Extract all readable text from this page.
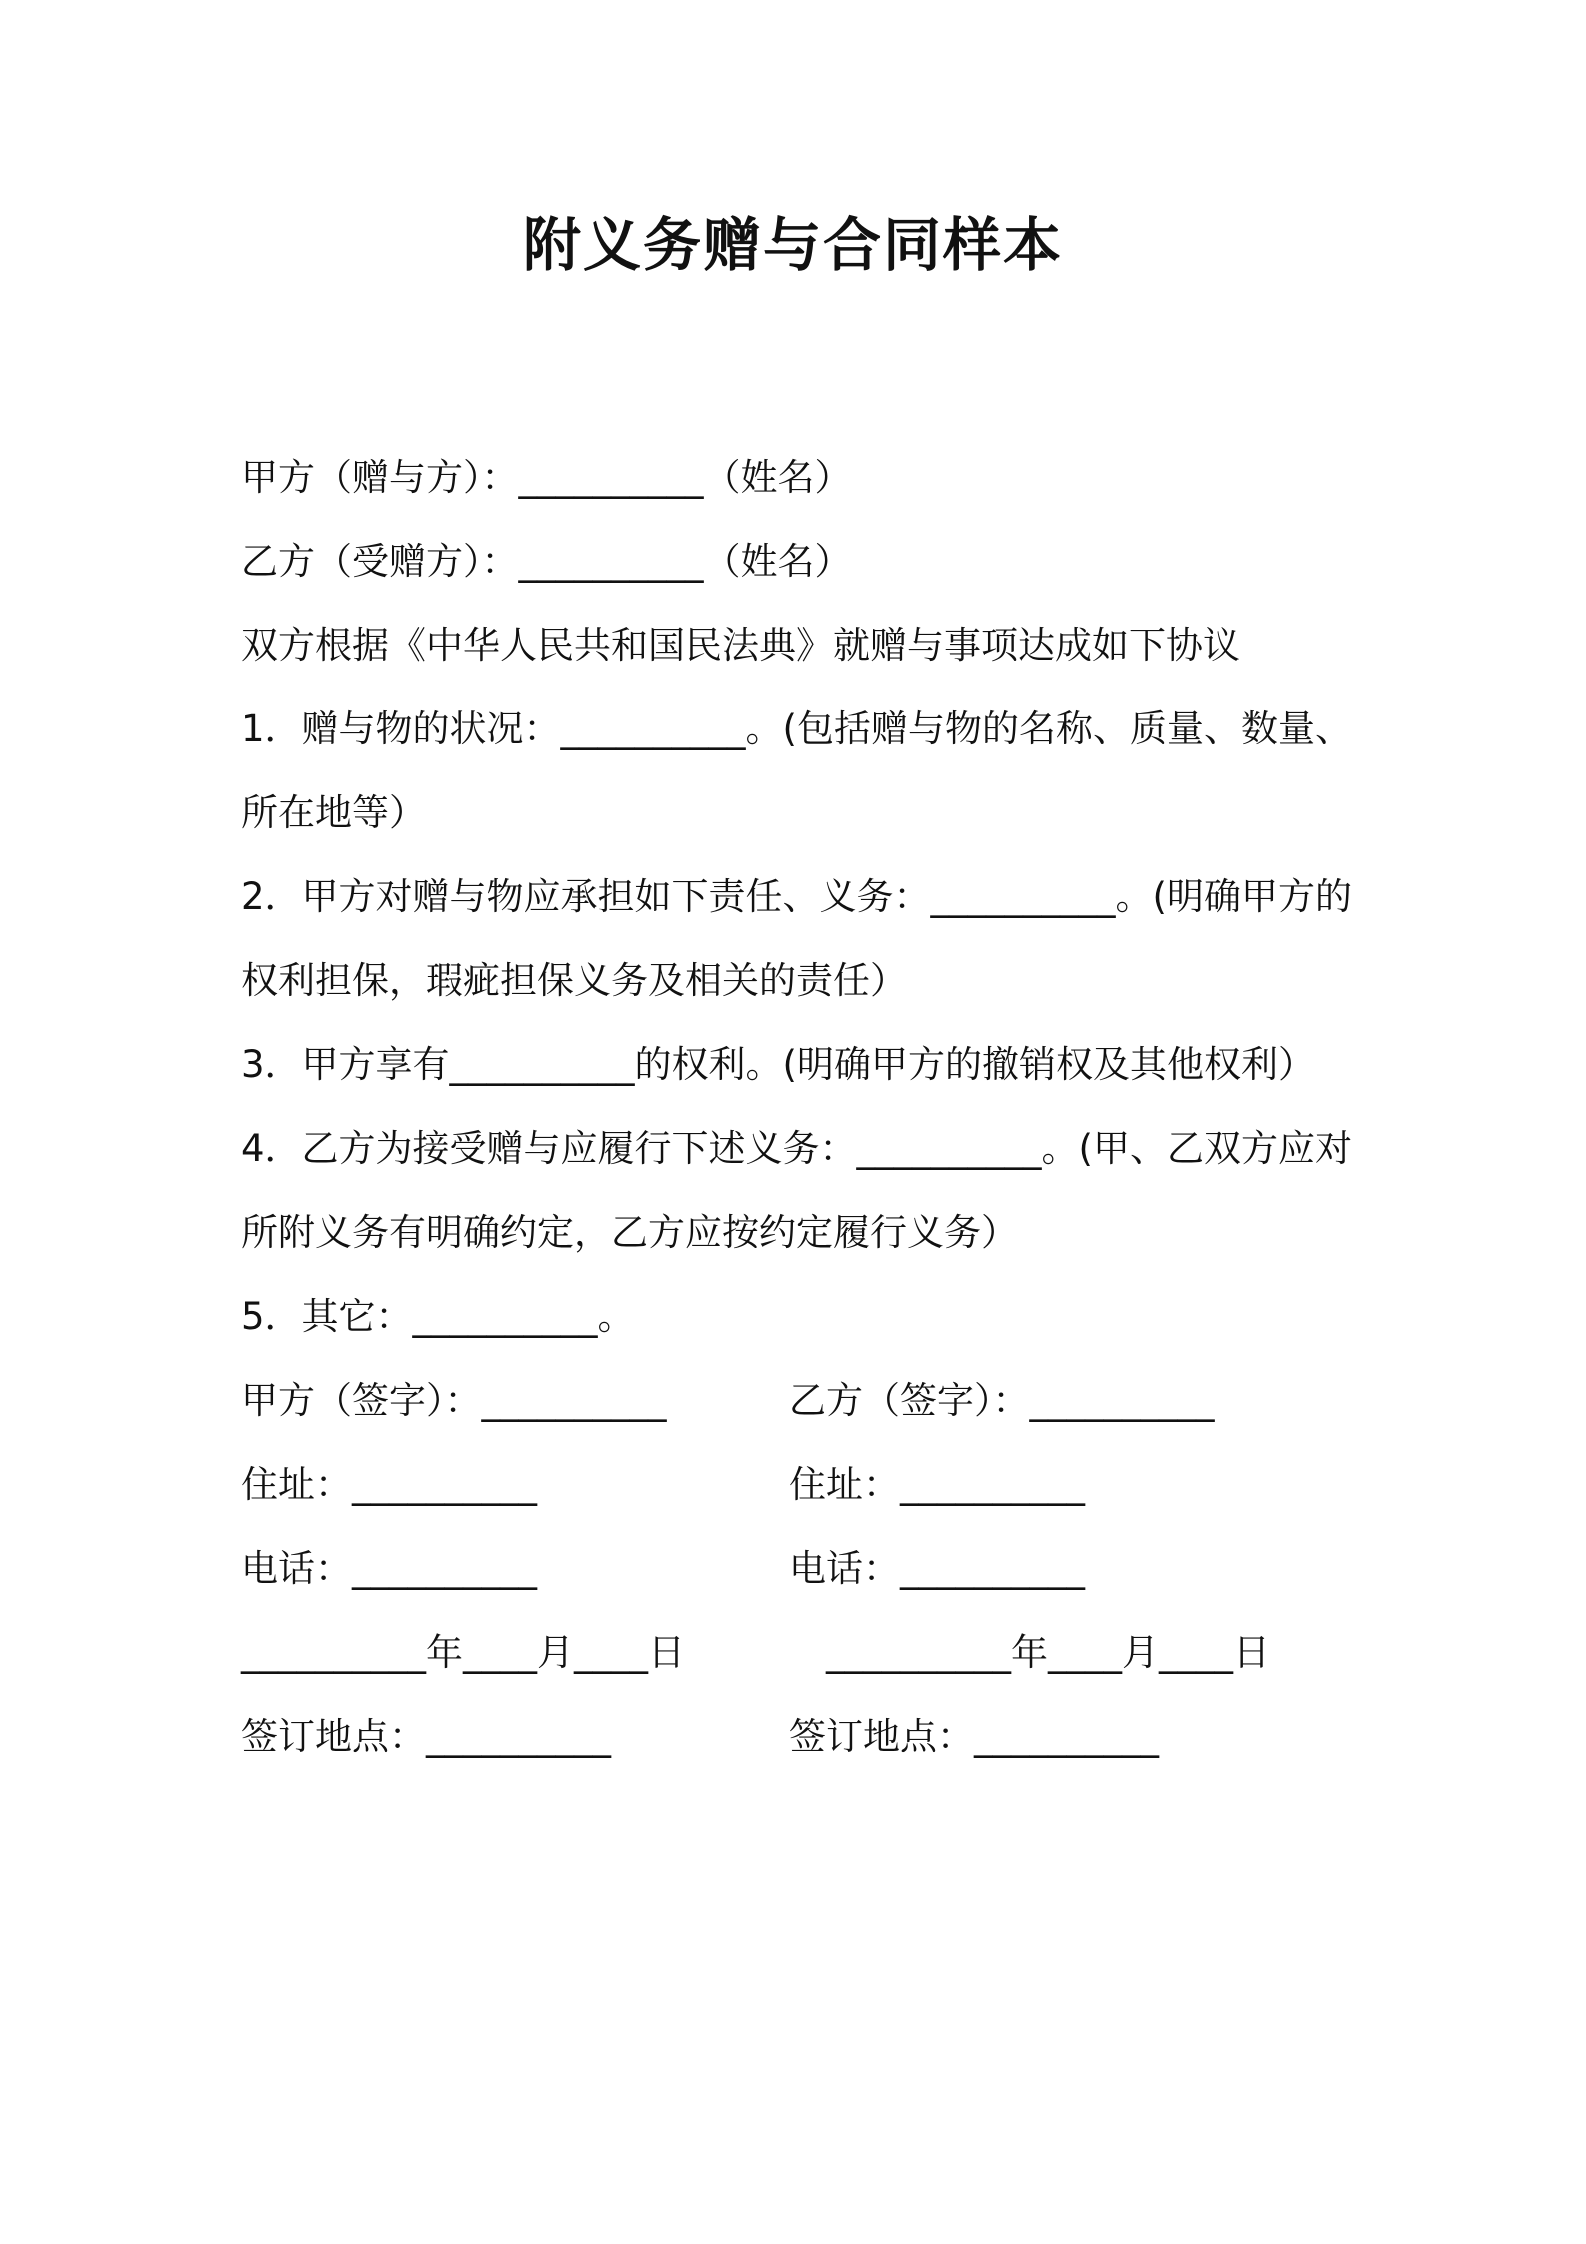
附义务赠与合同样本
甲方（赠与方）：__________（姓名）
乙方（受赠方）：__________（姓名）
双方根据《中华人民共和国民法典》就赠与事项达成如下协议
1．赠与物的状况：__________。(包括赠与物的名称、质量、数量、
所在地等）
2．甲方对赠与物应承担如下责任、义务：__________。(明确甲方的
权利担保，瑕疵担保义务及相关的责任）
3．甲方享有__________的权利。(明确甲方的撤销权及其他权利）
4．乙方为接受赠与应履行下述义务：__________。(甲、乙双方应对
所附义务有明确约定，乙方应按约定履行义务）
5．其它：__________。
甲方（签字）：__________	乙方（签字）：__________
住址：__________	住址：__________
电话：__________	电话：__________
__________年____月____日	__________年____月____日
签订地点：__________	签订地点：__________
